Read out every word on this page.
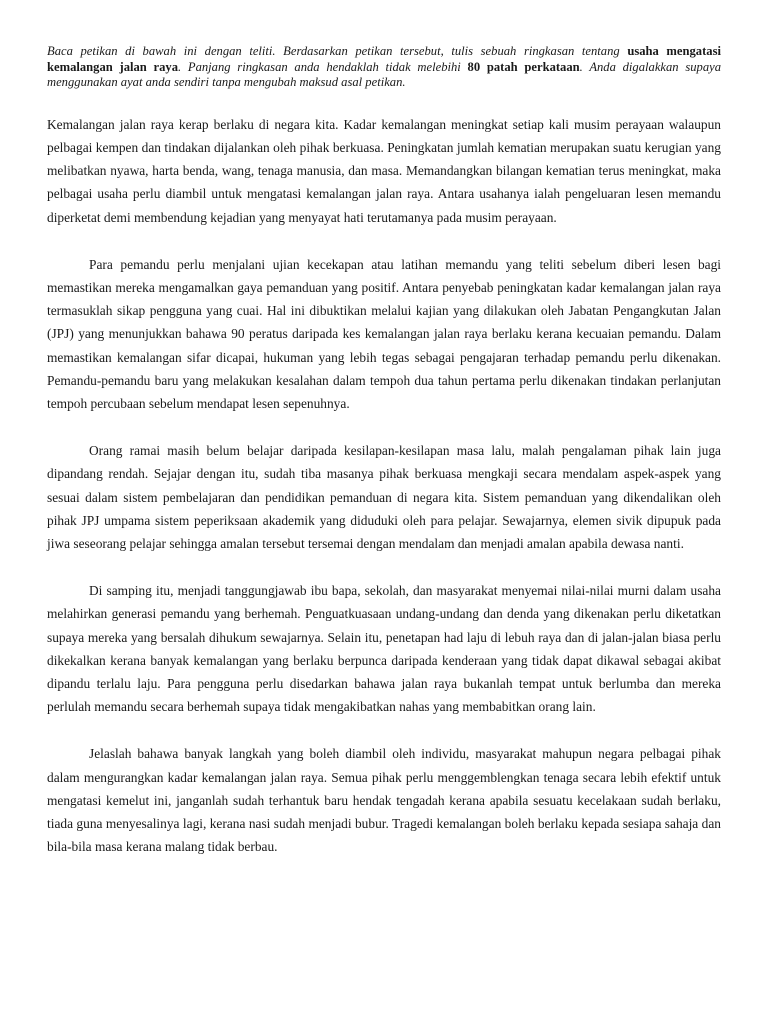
Baca petikan di bawah ini dengan teliti. Berdasarkan petikan tersebut, tulis sebuah ringkasan tentang usaha mengatasi kemalangan jalan raya. Panjang ringkasan anda hendaklah tidak melebihi 80 patah perkataan. Anda digalakkan supaya menggunakan ayat anda sendiri tanpa mengubah maksud asal petikan.

Kemalangan jalan raya kerap berlaku di negara kita. Kadar kemalangan meningkat setiap kali musim perayaan walaupun pelbagai kempen dan tindakan dijalankan oleh pihak berkuasa. Peningkatan jumlah kematian merupakan suatu kerugian yang melibatkan nyawa, harta benda, wang, tenaga manusia, dan masa. Memandangkan bilangan kematian terus meningkat, maka pelbagai usaha perlu diambil untuk mengatasi kemalangan jalan raya. Antara usahanya ialah pengeluaran lesen memandu diperketat demi membendung kejadian yang menyayat hati terutamanya pada musim perayaan.

Para pemandu perlu menjalani ujian kecekapan atau latihan memandu yang teliti sebelum diberi lesen bagi memastikan mereka mengamalkan gaya pemanduan yang positif. Antara penyebab peningkatan kadar kemalangan jalan raya termasuklah sikap pengguna yang cuai. Hal ini dibuktikan melalui kajian yang dilakukan oleh Jabatan Pengangkutan Jalan (JPJ) yang menunjukkan bahawa 90 peratus daripada kes kemalangan jalan raya berlaku kerana kecuaian pemandu. Dalam memastikan kemalangan sifar dicapai, hukuman yang lebih tegas sebagai pengajaran terhadap pemandu perlu dikenakan. Pemandu-pemandu baru yang melakukan kesalahan dalam tempoh dua tahun pertama perlu dikenakan tindakan perlanjutan tempoh percubaan sebelum mendapat lesen sepenuhnya.

Orang ramai masih belum belajar daripada kesilapan-kesilapan masa lalu, malah pengalaman pihak lain juga dipandang rendah. Sejajar dengan itu, sudah tiba masanya pihak berkuasa mengkaji secara mendalam aspek-aspek yang sesuai dalam sistem pembelajaran dan pendidikan pemanduan di negara kita. Sistem pemanduan yang dikendalikan oleh pihak JPJ umpama sistem peperiksaan akademik yang diduduki oleh para pelajar. Sewajarnya, elemen sivik dipupuk pada jiwa seseorang pelajar sehingga amalan tersebut tersemai dengan mendalam dan menjadi amalan apabila dewasa nanti.

Di samping itu, menjadi tanggungjawab ibu bapa, sekolah, dan masyarakat menyemai nilai-nilai murni dalam usaha melahirkan generasi pemandu yang berhemah. Penguatkuasaan undang-undang dan denda yang dikenakan perlu diketatkan supaya mereka yang bersalah dihukum sewajarnya. Selain itu, penetapan had laju di lebuh raya dan di jalan-jalan biasa perlu dikekalkan kerana banyak kemalangan yang berlaku berpunca daripada kenderaan yang tidak dapat dikawal sebagai akibat dipandu terlalu laju. Para pengguna perlu disedarkan bahawa jalan raya bukanlah tempat untuk berlumba dan mereka perlulah memandu secara berhemah supaya tidak mengakibatkan nahas yang membabitkan orang lain.

Jelaslah bahawa banyak langkah yang boleh diambil oleh individu, masyarakat mahupun negara pelbagai pihak dalam mengurangkan kadar kemalangan jalan raya. Semua pihak perlu menggemblengkan tenaga secara lebih efektif untuk mengatasi kemelut ini, janganlah sudah terhantuk baru hendak tengadah kerana apabila sesuatu kecelakaan sudah berlaku, tiada guna menyesalinya lagi, kerana nasi sudah menjadi bubur. Tragedi kemalangan boleh berlaku kepada sesiapa sahaja dan bila-bila masa kerana malang tidak berbau.
